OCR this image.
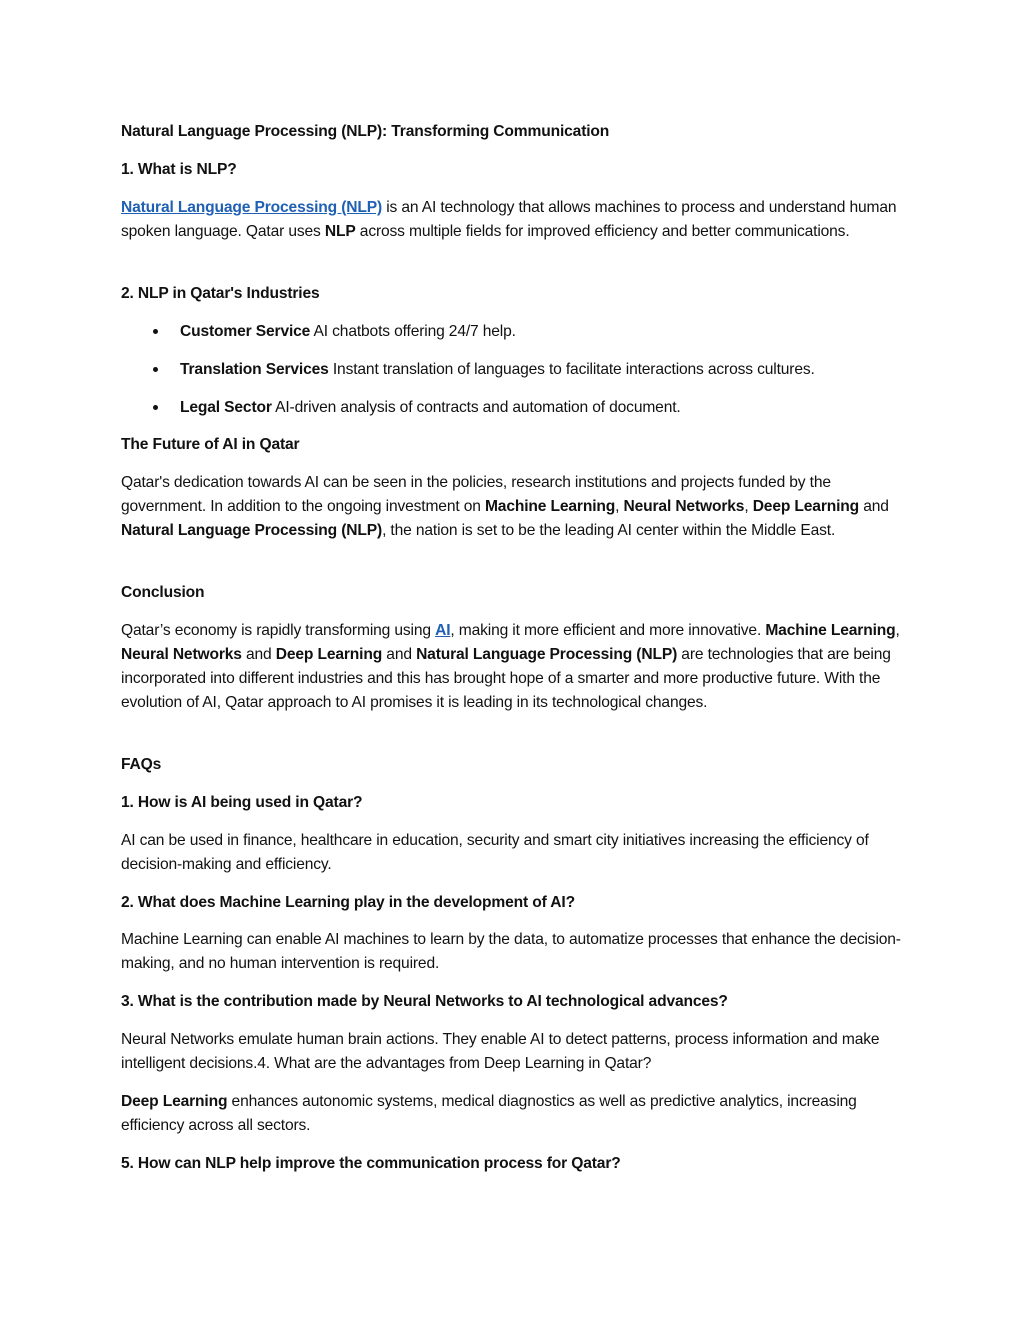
Natural Language Processing (NLP): Transforming Communication

1. What is NLP?

Natural Language Processing (NLP) is an AI technology that allows machines to process and understand human spoken language. Qatar uses NLP across multiple fields for improved efficiency and better communications.

2. NLP in Qatar's Industries

Customer Service AI chatbots offering 24/7 help.
Translation Services Instant translation of languages to facilitate interactions across cultures.
Legal Sector AI-driven analysis of contracts and automation of document.

The Future of AI in Qatar

Qatar's dedication towards AI can be seen in the policies, research institutions and projects funded by the government. In addition to the ongoing investment on Machine Learning, Neural Networks, Deep Learning and Natural Language Processing (NLP), the nation is set to be the leading AI center within the Middle East.

Conclusion

Qatar’s economy is rapidly transforming using AI, making it more efficient and more innovative. Machine Learning, Neural Networks and Deep Learning and Natural Language Processing (NLP) are technologies that are being incorporated into different industries and this has brought hope of a smarter and more productive future. With the evolution of AI, Qatar approach to AI promises it is leading in its technological changes.

FAQs

1. How is AI being used in Qatar?

AI can be used in finance, healthcare in education, security and smart city initiatives increasing the efficiency of decision-making and efficiency.

2. What does Machine Learning play in the development of AI?

Machine Learning can enable AI machines to learn by the data, to automatize processes that enhance the decision-making, and no human intervention is required.

3. What is the contribution made by Neural Networks to AI technological advances?

Neural Networks emulate human brain actions. They enable AI to detect patterns, process information and make intelligent decisions.4. What are the advantages from Deep Learning in Qatar?

Deep Learning enhances autonomic systems, medical diagnostics as well as predictive analytics, increasing efficiency across all sectors.

5. How can NLP help improve the communication process for Qatar?
